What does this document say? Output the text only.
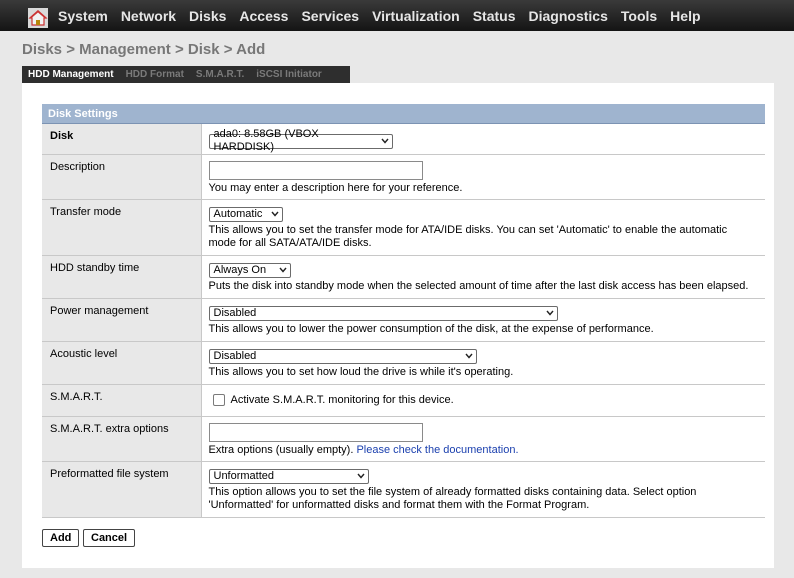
System Network Disks Access Services Virtualization Status Diagnostics Tools Help
Disks > Management > Disk > Add
HDD Management	HDD Format	S.M.A.R.T.	iSCSI Initiator
Disk Settings
Disk	ada0: 8.58GB (VBOX HARDDISK)

Description	You may enter a description here for your reference.

Transfer mode	Automatic
This allows you to set the transfer mode for ATA/IDE disks. You can set 'Automatic' to enable the automatic mode for all SATA/ATA/IDE disks.

HDD standby time	Always On
Puts the disk into standby mode when the selected amount of time after the last disk access has been elapsed.

Power management	Disabled
This allows you to lower the power consumption of the disk, at the expense of performance.

Acoustic level	Disabled
This allows you to set how loud the drive is while it's operating.

S.M.A.R.T.	Activate S.M.A.R.T. monitoring for this device.

S.M.A.R.T. extra options	Extra options (usually empty). Please check the documentation.

Preformatted file system	Unformatted
This option allows you to set the file system of already formatted disks containing data. Select option 'Unformatted' for unformatted disks and format them with the Format Program.
Add	Cancel
